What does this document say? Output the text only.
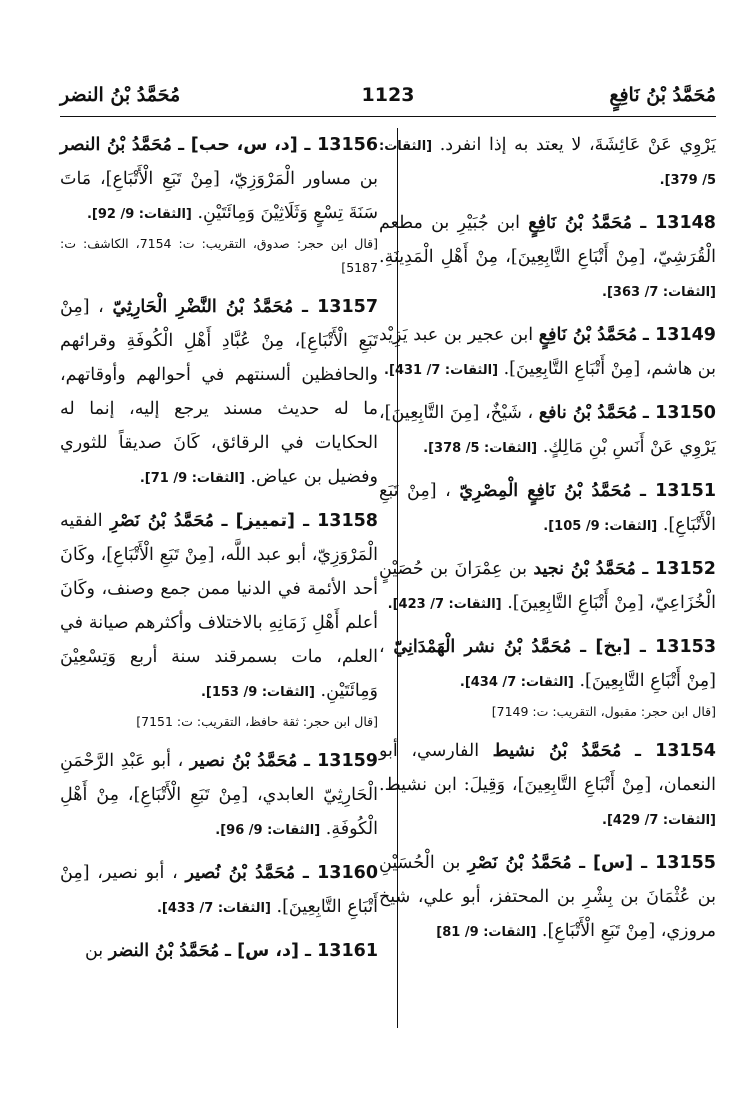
مُحَمَّدُ بْنُ نَافِعٍ
1123
مُحَمَّدُ بْنُ النضر
يَرْوِي عَنْ عَائِشَةَ، لا يعتد به إذا انفرد. [الثقات: 5/ 379].
13148 ـ مُحَمَّدُ بْنُ نَافِعٍ ابن جُبَيْرِ بن مطعم الْقُرَشِيّ، [مِنْ أَتْبَاعِ التَّابِعِينَ]، مِنْ أَهْلِ الْمَدِينَةِ. [الثقات: 7/ 363].
13149 ـ مُحَمَّدُ بْنُ نَافِعٍ ابن عجير بن عبد يَزِيْد بن هاشم، [مِنْ أَتْبَاعِ التَّابِعِينَ]. [الثقات: 7/ 431].
13150 ـ مُحَمَّدُ بْنُ نافع ، شَيْخٌ، [مِنَ التَّابِعِينَ]، يَرْوِي عَنْ أَنَسِ بْنِ مَالِكٍ. [الثقات: 5/ 378].
13151 ـ مُحَمَّدُ بْنُ نَافِعٍ الْمِصْرِيّ ، [مِنْ تَبَعِ الْأَتْبَاعِ]. [الثقات: 9/ 105].
13152 ـ مُحَمَّدُ بْنُ نجيد بن عِمْرَانَ بن حُصَيْنٍ الْخُزَاعِيّ، [مِنْ أَتْبَاعِ التَّابِعِينَ]. [الثقات: 7/ 423].
13153 ـ [بخ] ـ مُحَمَّدُ بْنُ نشر الْهَمْدَانِيّ ، [مِنْ أَتْبَاعِ التَّابِعِينَ]. [الثقات: 7/ 434].
[قال ابن حجر: مقبول، التقريب: ت: 7149]
13154 ـ مُحَمَّدُ بْنُ نشيط الفارسي، أبو النعمان، [مِنْ أَتْبَاعِ التَّابِعِينَ]، وَقِيلَ: ابن نشيط. [الثقات: 7/ 429].
13155 ـ [س] ـ مُحَمَّدُ بْنُ نَصْرِ بن الْحُسَيْنِ بن عُثْمَانَ بن بِشْرِ بن المحتفز، أبو علي، شيخ مروزي، [مِنْ تَبَعِ الْأَتْبَاعِ]. [الثقات: 9/ 81]
13156 ـ [د، س، حب] ـ مُحَمَّدُ بْنُ النصر بن مساور الْمَرْوَزِيّ، [مِنْ تَبَعِ الْأَتْبَاعِ]، مَاتَ سَنَةَ تِسْعٍ وَثَلَاثِيْنَ وَمِائَتَيْنِ. [الثقات: 9/ 92].
[قال ابن حجر: صدوق، التقريب: ت: 7154، الكاشف: ت: 5187]
13157 ـ مُحَمَّدُ بْنُ النَّضْرِ الْحَارِثِيّ ، [مِنْ تَبَعِ الْأَتْبَاعِ]، مِنْ عُبَّادِ أَهْلِ الْكُوفَةِ وقرائهم والحافظين ألسنتهم في أحوالهم وأوقاتهم، ما له حديث مسند يرجع إليه، إنما له الحكايات في الرقائق، كَانَ صديقاً للثوري وفضيل بن عياض. [الثقات: 9/ 71].
13158 ـ [تمييز] ـ مُحَمَّدُ بْنُ نَصْرِ الفقيه الْمَرْوَزِيّ، أبو عبد اللَّه، [مِنْ تَبَعِ الْأَتْبَاعِ]، وكَانَ أحد الأئمة في الدنيا ممن جمع وصنف، وكَانَ أعلم أَهْلِ زَمَانِهِ بالاختلاف وأكثرهم صيانة في العلم، مات بسمرقند سنة أربع وَتِسْعِيْنَ وَمِائَتَيْنِ. [الثقات: 9/ 153].
[قال ابن حجر: ثقة حافظ، التقريب: ت: 7151]
13159 ـ مُحَمَّدُ بْنُ نصير ، أبو عَبْدِ الرَّحْمَنِ الْحَارِثِيّ العابدي، [مِنْ تَبَعِ الْأَتْبَاعِ]، مِنْ أَهْلِ الْكُوفَةِ. [الثقات: 9/ 96].
13160 ـ مُحَمَّدُ بْنُ نُصير ، أبو نصير، [مِنْ أَتْبَاعِ التَّابِعِينَ]. [الثقات: 7/ 433].
13161 ـ [د، س] ـ مُحَمَّدُ بْنُ النضر بن
